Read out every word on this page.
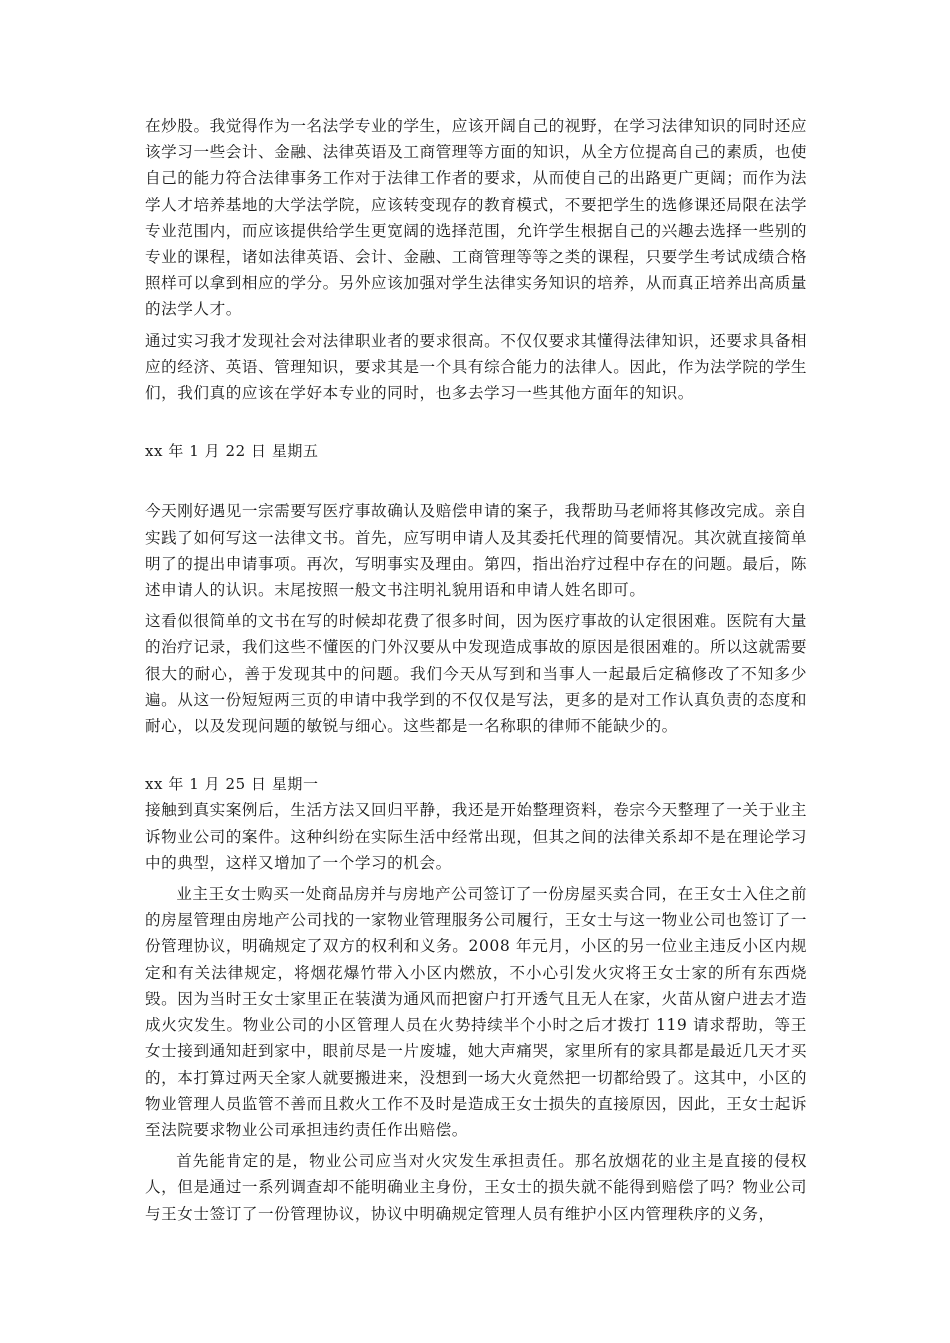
在炒股。我觉得作为一名法学专业的学生，应该开阔自己的视野，在学习法律知识的同时还应该学习一些会计、金融、法律英语及工商管理等方面的知识，从全方位提高自己的素质，也使自己的能力符合法律事务工作对于法律工作者的要求，从而使自己的出路更广更阔；而作为法学人才培养基地的大学法学院，应该转变现存的教育模式，不要把学生的选修课还局限在法学专业范围内，而应该提供给学生更宽阔的选择范围，允许学生根据自己的兴趣去选择一些别的专业的课程，诸如法律英语、会计、金融、工商管理等等之类的课程，只要学生考试成绩合格照样可以拿到相应的学分。另外应该加强对学生法律实务知识的培养，从而真正培养出高质量的法学人才。

通过实习我才发现社会对法律职业者的要求很高。不仅仅要求其懂得法律知识，还要求具备相应的经济、英语、管理知识，要求其是一个具有综合能力的法律人。因此，作为法学院的学生们，我们真的应该在学好本专业的同时，也多去学习一些其他方面年的知识。

xx 年 1 月 22 日 星期五

今天刚好遇见一宗需要写医疗事故确认及赔偿申请的案子，我帮助马老师将其修改完成。亲自实践了如何写这一法律文书。首先，应写明申请人及其委托代理的简要情况。其次就直接简单明了的提出申请事项。再次，写明事实及理由。第四，指出治疗过程中存在的问题。最后，陈述申请人的认识。末尾按照一般文书注明礼貌用语和申请人姓名即可。

这看似很简单的文书在写的时候却花费了很多时间，因为医疗事故的认定很困难。医院有大量的治疗记录，我们这些不懂医的门外汉要从中发现造成事故的原因是很困难的。所以这就需要很大的耐心，善于发现其中的问题。我们今天从写到和当事人一起最后定稿修改了不知多少遍。从这一份短短两三页的申请中我学到的不仅仅是写法，更多的是对工作认真负责的态度和耐心，以及发现问题的敏锐与细心。这些都是一名称职的律师不能缺少的。

xx 年 1 月 25 日 星期一

接触到真实案例后，生活方法又回归平静，我还是开始整理资料，卷宗今天整理了一关于业主诉物业公司的案件。这种纠纷在实际生活中经常出现，但其之间的法律关系却不是在理论学习中的典型，这样又增加了一个学习的机会。

业主王女士购买一处商品房并与房地产公司签订了一份房屋买卖合同，在王女士入住之前的房屋管理由房地产公司找的一家物业管理服务公司履行，王女士与这一物业公司也签订了一份管理协议，明确规定了双方的权利和义务。2008 年元月，小区的另一位业主违反小区内规定和有关法律规定，将烟花爆竹带入小区内燃放，不小心引发火灾将王女士家的所有东西烧毁。因为当时王女士家里正在装潢为通风而把窗户打开透气且无人在家，火苗从窗户进去才造成火灾发生。物业公司的小区管理人员在火势持续半个小时之后才拨打 119 请求帮助，等王女士接到通知赶到家中，眼前尽是一片废墟，她大声痛哭，家里所有的家具都是最近几天才买的，本打算过两天全家人就要搬进来，没想到一场大火竟然把一切都给毁了。这其中，小区的物业管理人员监管不善而且救火工作不及时是造成王女士损失的直接原因，因此，王女士起诉至法院要求物业公司承担违约责任作出赔偿。

首先能肯定的是，物业公司应当对火灾发生承担责任。那名放烟花的业主是直接的侵权人，但是通过一系列调查却不能明确业主身份，王女士的损失就不能得到赔偿了吗？物业公司与王女士签订了一份管理协议，协议中明确规定管理人员有维护小区内管理秩序的义务，
